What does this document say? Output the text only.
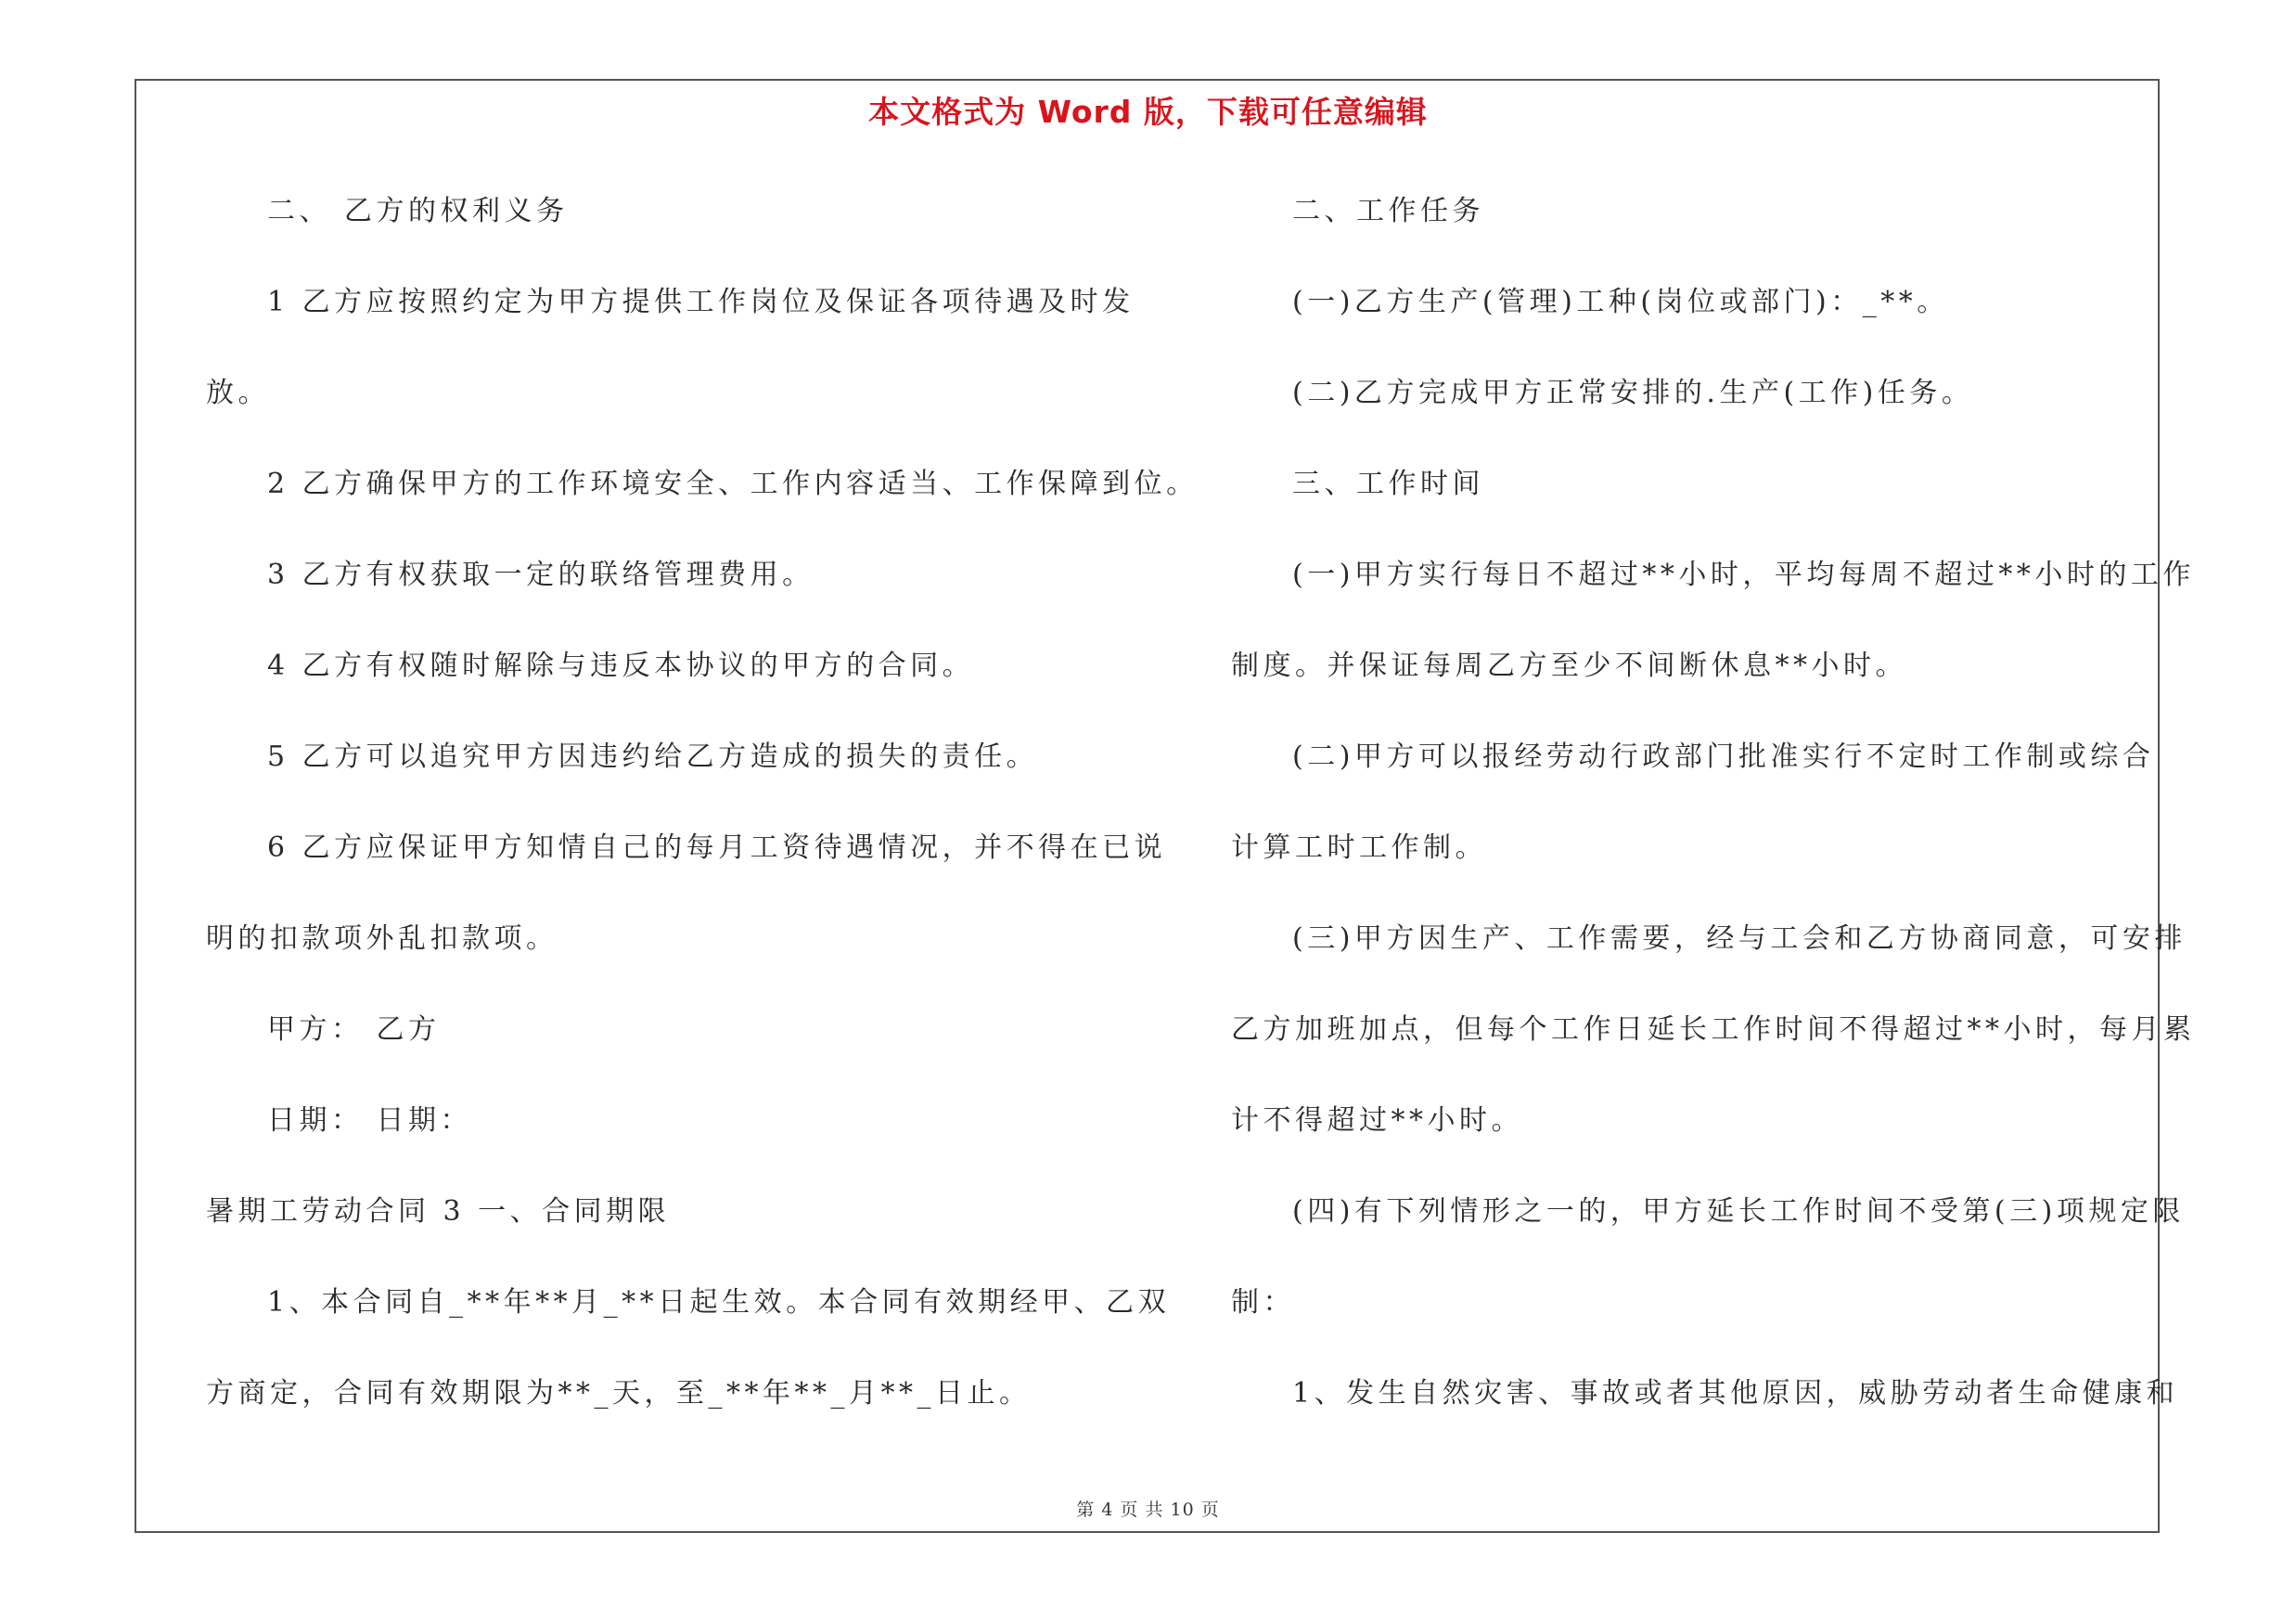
本文格式为 Word 版，下载可任意编辑
二、 乙方的权利义务
1 乙方应按照约定为甲方提供工作岗位及保证各项待遇及时发
放。
2 乙方确保甲方的工作环境安全、工作内容适当、工作保障到位。
3 乙方有权获取一定的联络管理费用。
4 乙方有权随时解除与违反本协议的甲方的合同。
5 乙方可以追究甲方因违约给乙方造成的损失的责任。
6 乙方应保证甲方知情自己的每月工资待遇情况，并不得在已说
明的扣款项外乱扣款项。
甲方： 乙方
日期： 日期：
暑期工劳动合同 3 一、合同期限
1、本合同自_**年**月_**日起生效。本合同有效期经甲、乙双
方商定，合同有效期限为**_天，至_**年**_月**_日止。
二、工作任务
(一)乙方生产(管理)工种(岗位或部门)：_**。
(二)乙方完成甲方正常安排的.生产(工作)任务。
三、工作时间
(一)甲方实行每日不超过**小时，平均每周不超过**小时的工作
制度。并保证每周乙方至少不间断休息**小时。
(二)甲方可以报经劳动行政部门批准实行不定时工作制或综合
计算工时工作制。
(三)甲方因生产、工作需要，经与工会和乙方协商同意，可安排
乙方加班加点，但每个工作日延长工作时间不得超过**小时，每月累
计不得超过**小时。
(四)有下列情形之一的，甲方延长工作时间不受第(三)项规定限
制：
1、发生自然灾害、事故或者其他原因，威胁劳动者生命健康和
第 4 页 共 10 页
